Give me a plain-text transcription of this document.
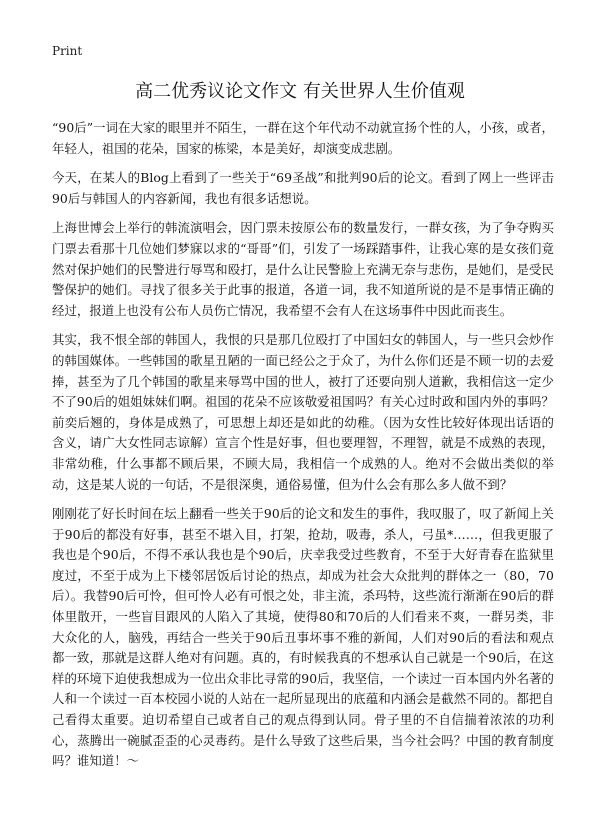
Print
高二优秀议论文作文 有关世界人生价值观

“90后”一词在大家的眼里并不陌生，一群在这个年代动不动就宣扬个性的人，小孩，或者，年轻人，祖国的花朵，国家的栋梁，本是美好，却演变成悲剧。

今天，在某人的Blog上看到了一些关于“69圣战”和批判90后的论文。看到了网上一些评击90后与韩国人的内容新闻，我也有很多话想说。

上海世博会上举行的韩流演唱会，因门票未按原公布的数量发行，一群女孩，为了争夺购买门票去看那十几位她们梦寐以求的“哥哥”们，引发了一场踩踏事件，让我心寒的是女孩们竟然对保护她们的民警进行辱骂和殴打，是什么让民警脸上充满无奈与悲伤，是她们，是受民警保护的她们。寻找了很多关于此事的报道，各道一词，我不知道所说的是不是事情正确的经过，报道上也没有公布人员伤亡情况，我希望不会有人在这场事件中因此而丧生。

其实，我不恨全部的韩国人，我恨的只是那几位殴打了中国妇女的韩国人，与一些只会炒作的韩国媒体。一些韩国的歌星丑陋的一面已经公之于众了，为什么你们还是不顾一切的去爱捧，甚至为了几个韩国的歌星来辱骂中国的世人，被打了还要向别人道歉，我相信这一定少不了90后的姐姐妹妹们啊。祖国的花朵不应该敬爱祖国吗？有关心过时政和国内外的事吗？前奕后翘的，身体是成熟了，可思想上却还是如此的幼稚。（因为女性比较好体现出话语的含义，请广大女性同志谅解）宣言个性是好事，但也要理智，不理智，就是不成熟的表现，非常幼稚，什么事都不顾后果，不顾大局，我相信一个成熟的人。绝对不会做出类似的举动，这是某人说的一句话，不是很深奥，通俗易懂，但为什么会有那么多人做不到？

刚刚花了好长时间在坛上翻看一些关于90后的论文和发生的事件，我叹服了，叹了新闻上关于90后的都没有好事，甚至不堪入目，打架，抢劫，吸毒，杀人，弓虽*……，但我更服了我也是个90后，不得不承认我也是个90后，庆幸我受过些教育，不至于大好青春在监狱里度过，不至于成为上下楼邻居饭后讨论的热点，却成为社会大众批判的群体之一（80，70后）。我替90后可怜，但可怜人必有可恨之处，非主流，杀玛特，这些流行渐渐在90后的群体里散开，一些盲目跟风的人陷入了其境，使得80和70后的人们看来不爽，一群另类，非大众化的人，脑残，再结合一些关于90后丑事坏事不雅的新闻，人们对90后的看法和观点都一致，那就是这群人绝对有问题。真的，有时候我真的不想承认自己就是一个90后，在这样的环境下迫使我想成为一位出众非比寻常的90后，我坚信，一个读过一百本国内外名著的人和一个读过一百本校园小说的人站在一起所显现出的底蕴和内涵会是截然不同的。都把自己看得太重要。迫切希望自己或者自己的观点得到认同。骨子里的不自信揣着浓浓的功利心，蒸腾出一碗腻歪歪的心灵毒药。是什么导致了这些后果，当今社会吗？中国的教育制度吗？谁知道！～
